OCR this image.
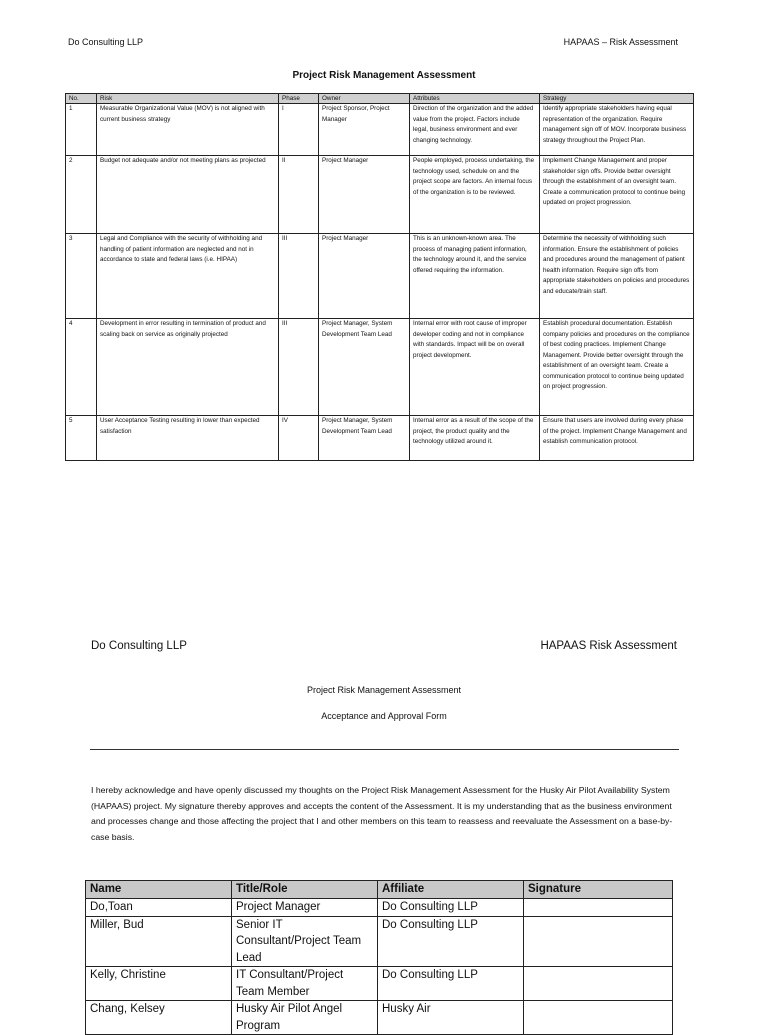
Do Consulting LLP	HAPAAS – Risk Assessment
Project Risk Management Assessment
No.	Risk	Phase	Owner	Attributes	Strategy
1	Measurable Organizational Value (MOV) is not aligned with current business strategy	I	Project Sponsor, Project Manager	Direction of the organization and the added value from the project. Factors include legal, business environment and ever changing technology.	Identify appropriate stakeholders having equal representation of the organization. Require management sign off of MOV. Incorporate business strategy throughout the Project Plan.
2	Budget not adequate and/or not meeting plans as projected	II	Project Manager	People employed, process undertaking, the technology used, schedule on and the project scope are factors. An internal focus of the organization is to be reviewed.	Implement Change Management and proper stakeholder sign offs. Provide better oversight through the establishment of an oversight team. Create a communication protocol to continue being updated on project progression.
3	Legal and Compliance with the security of withholding and handling of patient information are neglected and not in accordance to state and federal laws (i.e. HIPAA)	III	Project Manager	This is an unknown-known area. The process of managing patient information, the technology around it, and the service offered requiring the information.	Determine the necessity of withholding such information. Ensure the establishment of policies and procedures around the management of patient health information. Require sign offs from appropriate stakeholders on policies and procedures and educate/train staff.
4	Development in error resulting in termination of product and scaling back on service as originally projected	III	Project Manager, System Development Team Lead	Internal error with root cause of improper developer coding and not in compliance with standards. Impact will be on overall project development.	Establish procedural documentation. Establish company policies and procedures on the compliance of best coding practices. Implement Change Management. Provide better oversight through the establishment of an oversight team. Create a communication protocol to continue being updated on project progression.
5	User Acceptance Testing resulting in lower than expected satisfaction	IV	Project Manager, System Development Team Lead	Internal error as a result of the scope of the project, the product quality and the technology utilized around it.	Ensure that users are involved during every phase of the project. Implement Change Management and establish communication protocol.
Do Consulting LLP	HAPAAS Risk Assessment
Project Risk Management Assessment
Acceptance and Approval Form

I hereby acknowledge and have openly discussed my thoughts on the Project Risk Management Assessment for the Husky Air Pilot Availability System (HAPAAS) project. My signature thereby approves and accepts the content of the Assessment. It is my understanding that as the business environment and processes change and those affecting the project that I and other members on this team to reassess and reevaluate the Assessment on a base-by-case basis.

Name	Title/Role	Affiliate	Signature
Do,Toan	Project Manager	Do Consulting LLP	
Miller, Bud	Senior IT Consultant/Project Team Lead	Do Consulting LLP	
Kelly, Christine	IT Consultant/Project Team Member	Do Consulting LLP	
Chang, Kelsey	Husky Air Pilot Angel Program	Husky Air	
